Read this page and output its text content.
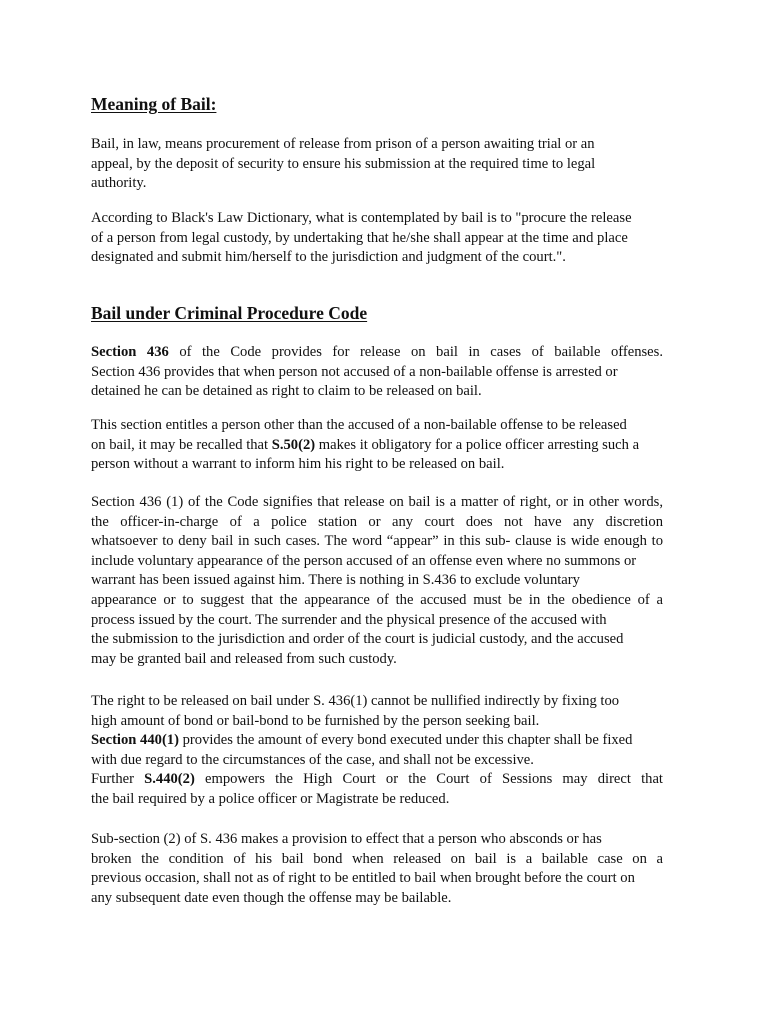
Meaning of Bail:

Bail, in law, means procurement of release from prison of a person awaiting trial or an
appeal, by the deposit of security to ensure his submission at the required time to legal
authority.

According to Black's Law Dictionary, what is contemplated by bail is to "procure the release
of a person from legal custody, by undertaking that he/she shall appear at the time and place
designated and submit him/herself to the jurisdiction and judgment of the court.".

Bail under Criminal Procedure Code

Section 436 of the Code provides for release on bail in cases of bailable offenses.
Section 436 provides that when person not accused of a non-bailable offense is arrested or
detained he can be detained as right to claim to be released on bail.

This section entitles a person other than the accused of a non-bailable offense to be released
on bail, it may be recalled that S.50(2) makes it obligatory for a police officer arresting such a
person without a warrant to inform him his right to be released on bail.

Section 436 (1) of the Code signifies that release on bail is a matter of right, or in other words,
the officer-in-charge of a police station or any court does not have any discretion
whatsoever to deny bail in such cases. The word “appear” in this sub- clause is wide enough to
include voluntary appearance of the person accused of an offense even where no summons or
warrant has been issued against him. There is nothing in S.436 to exclude voluntary
appearance or to suggest that the appearance of the accused must be in the obedience of a
process issued by the court. The surrender and the physical presence of the accused with
the submission to the jurisdiction and order of the court is judicial custody, and the accused
may be granted bail and released from such custody.

The right to be released on bail under S. 436(1) cannot be nullified indirectly by fixing too
high amount of bond or bail-bond to be furnished by the person seeking bail.
Section 440(1) provides the amount of every bond executed under this chapter shall be fixed
with due regard to the circumstances of the case, and shall not be excessive.
Further S.440(2) empowers the High Court or the Court of Sessions may direct that
the bail required by a police officer or Magistrate be reduced.

Sub-section (2) of S. 436 makes a provision to effect that a person who absconds or has
broken the condition of his bail bond when released on bail is a bailable case on a
previous occasion, shall not as of right to be entitled to bail when brought before the court on
any subsequent date even though the offense may be bailable.
